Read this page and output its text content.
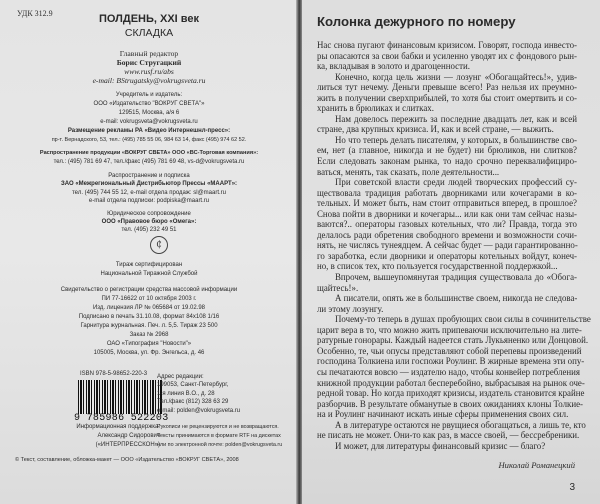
УДК 312.9	ПОЛДЕНЬ, XXI век
СКЛАДКА
Главный редактор
Борис Стругацкий
www.rusf.ru/abs
e-mail: BStrugatsky@vokrugsveta.ru
Учредитель и издатель:
ООО «Издательство "ВОКРУГ СВЕТА"»
129515, Москва, а/я 6
e-mail: vokrugsveta@vokrugsveta.ru
Размещение рекламы РА «Видео Интернешнл-пресс»:
пр-т. Вернадского, 53, тел.: (495) 785 55 06, 984 63 14, факс (495) 974 62 52.
Распространение продукции «ВОКРУГ СВЕТА» ООО «ВС-Торговая компания»:
тел.: (495) 781 69 47, тел./факс (495) 781 69 48, vs-d@vokrugsveta.ru
Распространение и подписка
ЗАО «Межрегиональный Дистрибьютор Прессы «МААРТ»:
тел. (495) 744 55 12, e-mail отдела продаж: sl@maart.ru
e-mail отдела подписки: podpiska@maart.ru
Юридическое сопровождение
ООО «Правовое бюро «Омега»:
тел. (495) 232 49 51
₵
Тираж сертифицирован
Национальной Тиражной Службой
Свидетельство о регистрации средства массовой информации
ПИ 77-16622 от 10 октября 2003 г.
Изд. лицензия ЛР № 065684 от 19.02.98
Подписано в печать 31.10.08, формат 84х108 1/16
Гарнитура журнальная. Печ. л. 5,5. Тираж 23 500
Заказ № 2968
ОАО «Типография "Новости"»
105005, Москва, ул. Фр. Энгельса, д. 46
ISBN 978-5-98652-220-3
9 785986 522203
Информационная поддержка:
Александр Сидорович
(«ИНТЕРПРЕССКОН»)
Адрес редакции:
199053, Санкт-Петербург,
1-я линия В.О., д. 28
Тел./факс (812) 328 63 29
e-mail: polden@vokrugsveta.ru
Рукописи не рецензируются и не возвращаются.
Тексты принимаются в формате RTF на дискетах
или по электронной почте: polden@vokrugsveta.ru
© Текст, составление, обложка-макет — ООО «Издательство «ВОКРУГ СВЕТА», 2008
Колонка дежурного по номеру
Нас снова пугают финансовым кризисом. Говорят, господа инвесто-
ры опасаются за свои бабки и усиленно уводят их с фондового рын-
ка, вкладывая в золото и драгоценности.
Конечно, когда цель жизни — лозунг «Обогащайтесь!», удив-
литься тут нечему. Деньги превыше всего! Раз нельзя их преумно-
жить в получении сверхприбылей, то хотя бы стоит омертвить и со-
хранить в брюликах и слитках.
Нам довелось пережить за последние двадцать лет, как и всей
стране, два крупных кризиса. И, как и всей стране, — выжить.
Но что теперь делать писателям, у которых, в большинстве сво-
ем, нет (а главное, никогда и не будет) ни брюликов, ни слитков?
Если следовать законам рынка, то надо срочно переквалифициро-
ваться, менять, так сказать, поле деятельности...
При советской власти среди людей творческих профессий су-
ществовала традиция работать дворниками или кочегарами в ко-
тельных. И может быть, нам стоит отправиться вперед, в прошлое?
Снова пойти в дворники и кочегары... или как они там сейчас назы-
ваются?.. операторы газовых котельных, что ли? Правда, тогда это
делалось ради обретения свободного времени и возможности сочи-
нять, не числясь тунеядцем. А сейчас будет — ради гарантированно-
го заработка, если дворники и операторы котельных войдут, конеч-
но, в список тех, кто пользуется государственной поддержкой...
Впрочем, вышеупомянутая традиция существовала до «Обога-
щайтесь!».
А писатели, опять же в большинстве своем, никогда не следова-
ли этому лозунгу.
Почему-то теперь в душах пробующих свои силы в сочинительстве
царит вера в то, что можно жить припеваючи исключительно на лите-
ратурные гонорары. Каждый надеется стать Лукьяненко или Донцовой.
Особенно, те, чьи опусы представляют собой перепевы произведений
господина Толкиена или госпожи Роулинг. В жирные времена эти опу-
сы печатаются вовсю — издателю надо, чтобы конвейер потребления
книжной продукции работал бесперебойно, выбрасывая на рынок оче-
редной товар. Но когда приходят кризисы, издатель становится крайне
разборчив. В результате обманутые в своих ожиданиях клоны Толкие-
на и Роулинг начинают искать иные сферы применения своих сил.
А в литературе остаются не рвущиеся обогащаться, а лишь те, кто
не писать не может. Они-то как раз, в массе своей, — бессребреники.
И может, для литературы финансовый кризис — благо?
Николай Романецкий
3
